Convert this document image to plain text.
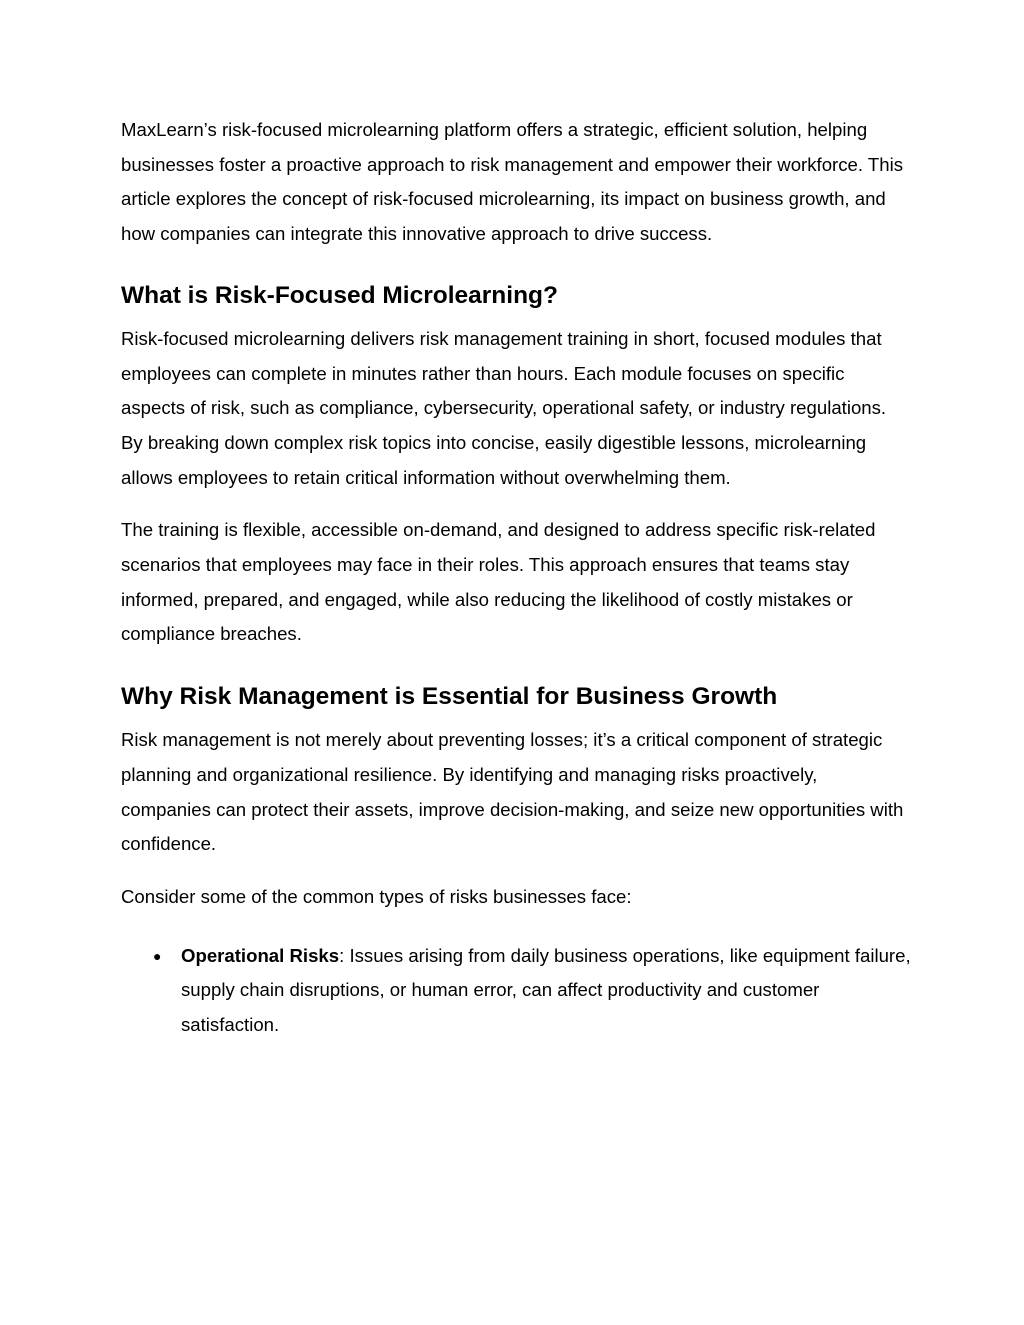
MaxLearn’s risk-focused microlearning platform offers a strategic, efficient solution, helping businesses foster a proactive approach to risk management and empower their workforce. This article explores the concept of risk-focused microlearning, its impact on business growth, and how companies can integrate this innovative approach to drive success.

What is Risk-Focused Microlearning?

Risk-focused microlearning delivers risk management training in short, focused modules that employees can complete in minutes rather than hours. Each module focuses on specific aspects of risk, such as compliance, cybersecurity, operational safety, or industry regulations. By breaking down complex risk topics into concise, easily digestible lessons, microlearning allows employees to retain critical information without overwhelming them.

The training is flexible, accessible on-demand, and designed to address specific risk-related scenarios that employees may face in their roles. This approach ensures that teams stay informed, prepared, and engaged, while also reducing the likelihood of costly mistakes or compliance breaches.

Why Risk Management is Essential for Business Growth

Risk management is not merely about preventing losses; it’s a critical component of strategic planning and organizational resilience. By identifying and managing risks proactively, companies can protect their assets, improve decision-making, and seize new opportunities with confidence.

Consider some of the common types of risks businesses face:

● Operational Risks: Issues arising from daily business operations, like equipment failure, supply chain disruptions, or human error, can affect productivity and customer satisfaction.
